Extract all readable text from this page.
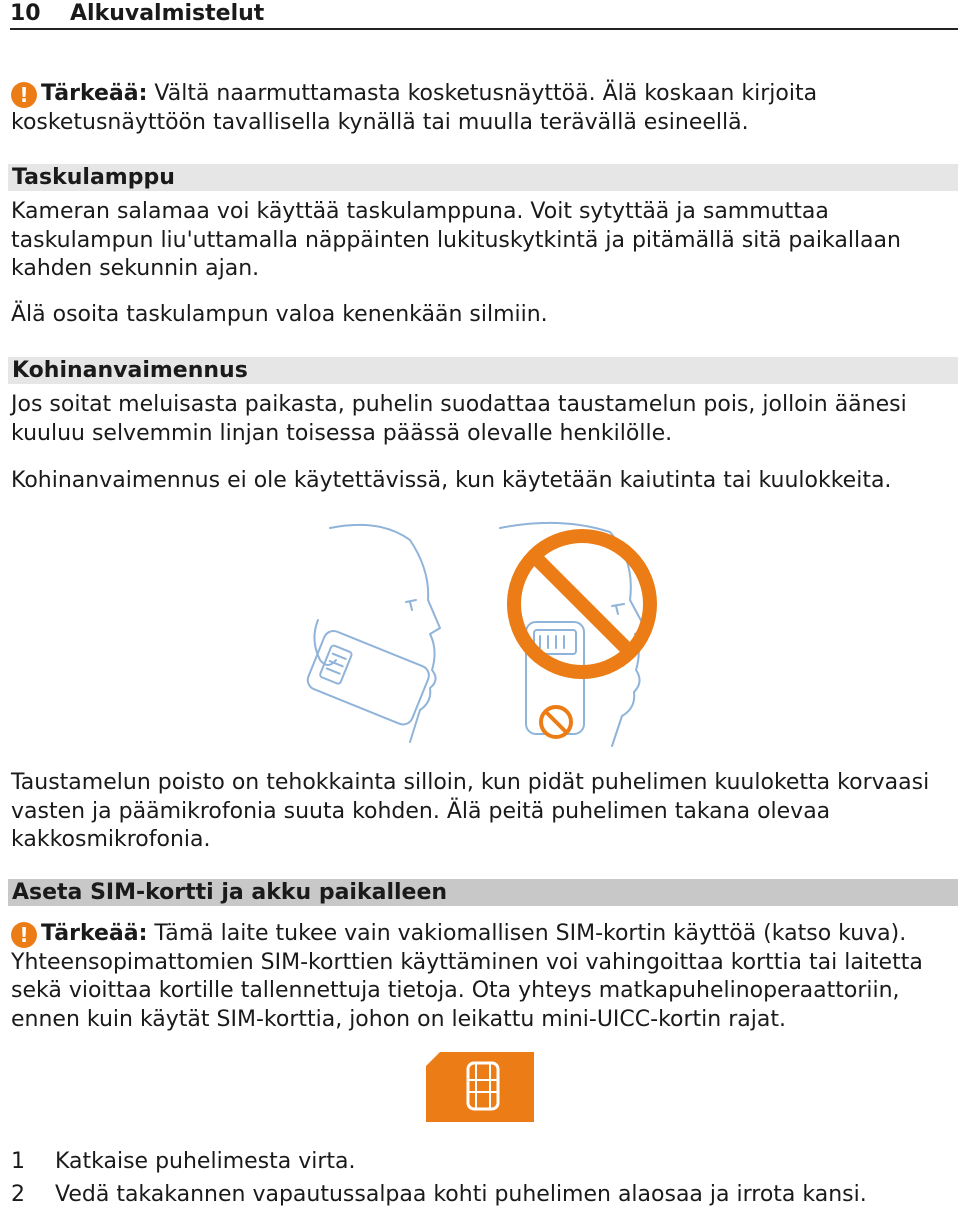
10 Alkuvalmistelut

! Tärkeää: Vältä naarmuttamasta kosketusnäyttöä. Älä koskaan kirjoita kosketusnäyttöön tavallisella kynällä tai muulla terävällä esineellä.

Taskulamppu

Kameran salamaa voi käyttää taskulamppuna. Voit sytyttää ja sammuttaa taskulampun liu'uttamalla näppäinten lukituskytkintä ja pitämällä sitä paikallaan kahden sekunnin ajan.

Älä osoita taskulampun valoa kenenkään silmiin.

Kohinanvaimennus

Jos soitat meluisasta paikasta, puhelin suodattaa taustamelun pois, jolloin äänesi kuuluu selvemmin linjan toisessa päässä olevalle henkilölle.

Kohinanvaimennus ei ole käytettävissä, kun käytetään kaiutinta tai kuulokkeita.

Taustamelun poisto on tehokkainta silloin, kun pidät puhelimen kuuloketta korvaasi vasten ja päämikrofonia suuta kohden. Älä peitä puhelimen takana olevaa kakkosmikrofonia.

Aseta SIM-kortti ja akku paikalleen

! Tärkeää: Tämä laite tukee vain vakiomallisen SIM-kortin käyttöä (katso kuva). Yhteensopimattomien SIM-korttien käyttäminen voi vahingoittaa korttia tai laitetta sekä vioittaa kortille tallennettuja tietoja. Ota yhteys matkapuhelinoperaattoriin, ennen kuin käytät SIM-korttia, johon on leikattu mini-UICC-kortin rajat.

1 Katkaise puhelimesta virta.
2 Vedä takakannen vapautussalpaa kohti puhelimen alaosaa ja irrota kansi.
